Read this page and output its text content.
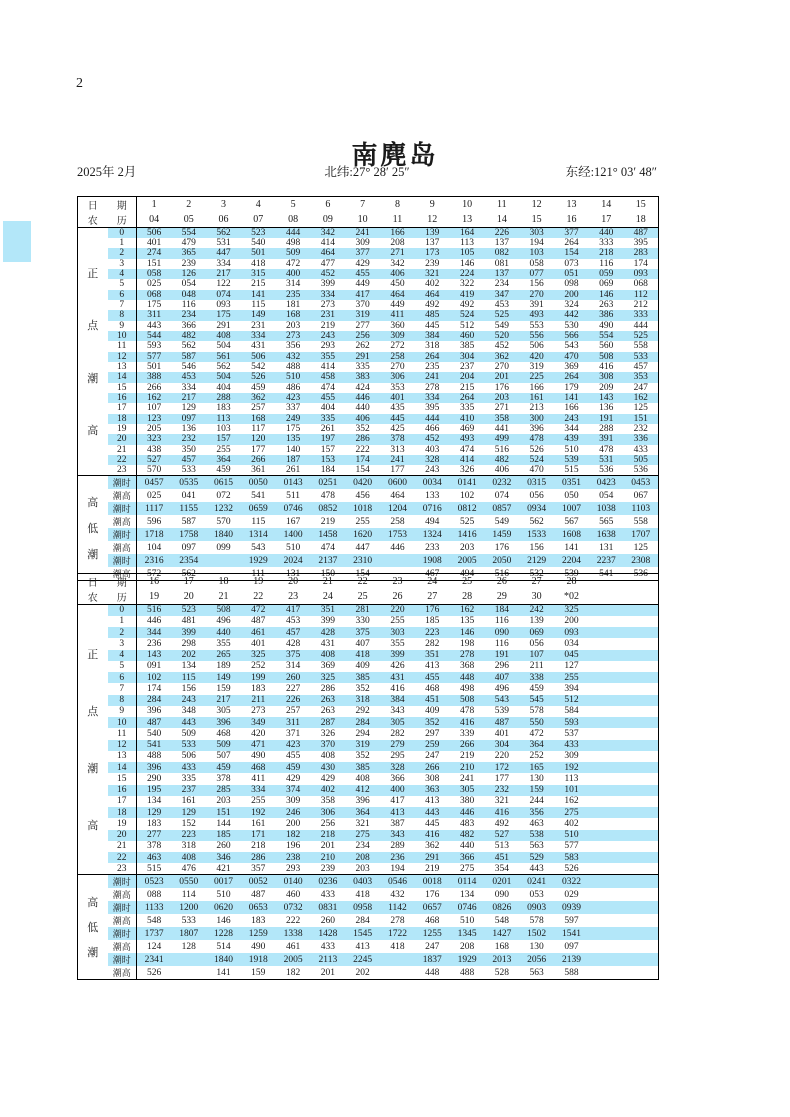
2
南麂岛
2025年 2月	北纬:27° 28′ 25″	东经:121° 03′ 48″
日	期	1	2	3	4	5	6	7	8	9	10	11	12	13	14	15
农	历	04	05	06	07	08	09	10	11	12	13	14	15	16	17	18

正
点
潮
高	0	506	554	562	523	444	342	241	166	139	164	226	303	377	440	487
	1	401	479	531	540	498	414	309	208	137	113	137	194	264	333	395
	2	274	365	447	501	509	464	377	271	173	105	082	103	154	218	283
	3	151	239	334	418	472	477	429	342	239	146	081	058	073	116	174
	4	058	126	217	315	400	452	455	406	321	224	137	077	051	059	093
	5	025	054	122	215	314	399	449	450	402	322	234	156	098	069	068
	6	068	048	074	141	235	334	417	464	464	419	347	270	200	146	112
	7	175	116	093	115	181	273	370	449	492	492	453	391	324	263	212
	8	311	234	175	149	168	231	319	411	485	524	525	493	442	386	333
	9	443	366	291	231	203	219	277	360	445	512	549	553	530	490	444
	10	544	482	408	334	273	243	256	309	384	460	520	556	566	554	525
	11	593	562	504	431	356	293	262	272	318	385	452	506	543	560	558
	12	577	587	561	506	432	355	291	258	264	304	362	420	470	508	533
	13	501	546	562	542	488	414	335	270	235	237	270	319	369	416	457
	14	388	453	504	526	510	458	383	306	241	204	201	225	264	308	353
	15	266	334	404	459	486	474	424	353	278	215	176	166	179	209	247
	16	162	217	288	362	423	455	446	401	334	264	203	161	141	143	162
	17	107	129	183	257	337	404	440	435	395	335	271	213	166	136	125
	18	123	097	113	168	249	335	406	445	444	410	358	300	243	191	151
	19	205	136	103	117	175	261	352	425	466	469	441	396	344	288	232
	20	323	232	157	120	135	197	286	378	452	493	499	478	439	391	336
	21	438	350	255	177	140	157	222	313	403	474	516	526	510	478	433
	22	527	457	364	266	187	153	174	241	328	414	482	524	539	531	505
	23	570	533	459	361	261	184	154	177	243	326	406	470	515	536	536

高
低
潮	潮时	0457	0535	0615	0050	0143	0251	0420	0600	0034	0141	0232	0315	0351	0423	0453
	潮高	025	041	072	541	511	478	456	464	133	102	074	056	050	054	067
	潮时	1117	1155	1232	0659	0746	0852	1018	1204	0716	0812	0857	0934	1007	1038	1103
	潮高	596	587	570	115	167	219	255	258	494	525	549	562	567	565	558
	潮时	1718	1758	1840	1314	1400	1458	1620	1753	1324	1416	1459	1533	1608	1638	1707
	潮高	104	097	099	543	510	474	447	446	233	203	176	156	141	131	125
	潮时	2316	2354		1929	2024	2137	2310		1908	2005	2050	2129	2204	2237	2308
	潮高	572	562		111	131	150	154		467	494	516	532	539	541	536
日	期	16	17	18	19	20	21	22	23	24	25	26	27	28		
农	历	19	20	21	22	23	24	25	26	27	28	29	30	*02		

正
点
潮
高	0	516	523	508	472	417	351	281	220	176	162	184	242	325		
	1	446	481	496	487	453	399	330	255	185	135	116	139	200		
	2	344	399	440	461	457	428	375	303	223	146	090	069	093		
	3	236	298	355	401	428	431	407	355	282	198	116	056	034		
	4	143	202	265	325	375	408	418	399	351	278	191	107	045		
	5	091	134	189	252	314	369	409	426	413	368	296	211	127		
	6	102	115	149	199	260	325	385	431	455	448	407	338	255		
	7	174	156	159	183	227	286	352	416	468	498	496	459	394		
	8	284	243	217	211	226	263	318	384	451	508	543	545	512		
	9	396	348	305	273	257	263	292	343	409	478	539	578	584		
	10	487	443	396	349	311	287	284	305	352	416	487	550	593		
	11	540	509	468	420	371	326	294	282	297	339	401	472	537		
	12	541	533	509	471	423	370	319	279	259	266	304	364	433		
	13	488	506	507	490	455	408	352	295	247	219	220	252	309		
	14	396	433	459	468	459	430	385	328	266	210	172	165	192		
	15	290	335	378	411	429	429	408	366	308	241	177	130	113		
	16	195	237	285	334	374	402	412	400	363	305	232	159	101		
	17	134	161	203	255	309	358	396	417	413	380	321	244	162		
	18	129	129	151	192	246	306	364	413	443	446	416	356	275		
	19	183	152	144	161	200	256	321	387	445	483	492	463	402		
	20	277	223	185	171	182	218	275	343	416	482	527	538	510		
	21	378	318	260	218	196	201	234	289	362	440	513	563	577		
	22	463	408	346	286	238	210	208	236	291	366	451	529	583		
	23	515	476	421	357	293	239	203	194	219	275	354	443	526		

高
低
潮	潮时	0523	0550	0017	0052	0140	0236	0403	0546	0018	0114	0201	0241	0322		
	潮高	088	114	510	487	460	433	418	432	176	134	090	053	029		
	潮时	1133	1200	0620	0653	0732	0831	0958	1142	0657	0746	0826	0903	0939		
	潮高	548	533	146	183	222	260	284	278	468	510	548	578	597		
	潮时	1737	1807	1228	1259	1338	1428	1545	1722	1255	1345	1427	1502	1541		
	潮高	124	128	514	490	461	433	413	418	247	208	168	130	097		
	潮时	2341		1840	1918	2005	2113	2245		1837	1929	2013	2056	2139		
	潮高	526		141	159	182	201	202		448	488	528	563	588		
